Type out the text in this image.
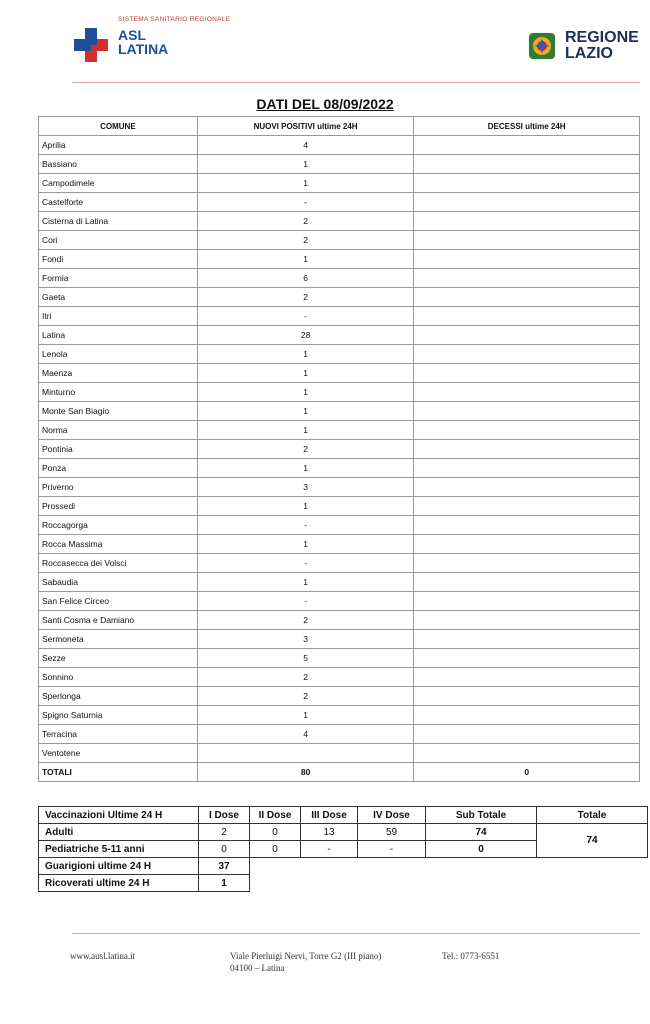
SISTEMA SANITARIO REGIONALE
ASL
LATINA
REGIONE
LAZIO
DATI DEL 08/09/2022
COMUNE	NUOVI POSITIVI ultime 24H	DECESSI ultime 24H
Aprilia	4	
Bassiano	1	
Campodimele	1	
Castelforte	-	
Cisterna di Latina	2	
Cori	2	
Fondi	1	
Formia	6	
Gaeta	2	
Itri	-	
Latina	28	
Lenola	1	
Maenza	1	
Minturno	1	
Monte San Biagio	1	
Norma	1	
Pontinia	2	
Ponza	1	
Priverno	3	
Prossedi	1	
Roccagorga	-	
Rocca Massima	1	
Roccasecca dei Volsci	-	
Sabaudia	1	
San Felice Circeo	-	
Santi Cosma e Damiano	2	
Sermoneta	3	
Sezze	5	
Sonnino	2	
Sperlonga	2	
Spigno Saturnia	1	
Terracina	4	
Ventotene		
TOTALI	80	0
Vaccinazioni Ultime 24 H	I Dose	II Dose	III Dose	IV Dose	Sub Totale	Totale
Adulti	2	0	13	59	74	74
Pediatriche 5-11 anni	0	0	-	-	0	
Guarigioni ultime 24 H	37					
Ricoverati ultime 24 H	1					
www.ausl.latina.it	Viale Pierluigi Nervi, Torre G2 (III piano)
04100 – Latina
Tel.: 0773-6551
